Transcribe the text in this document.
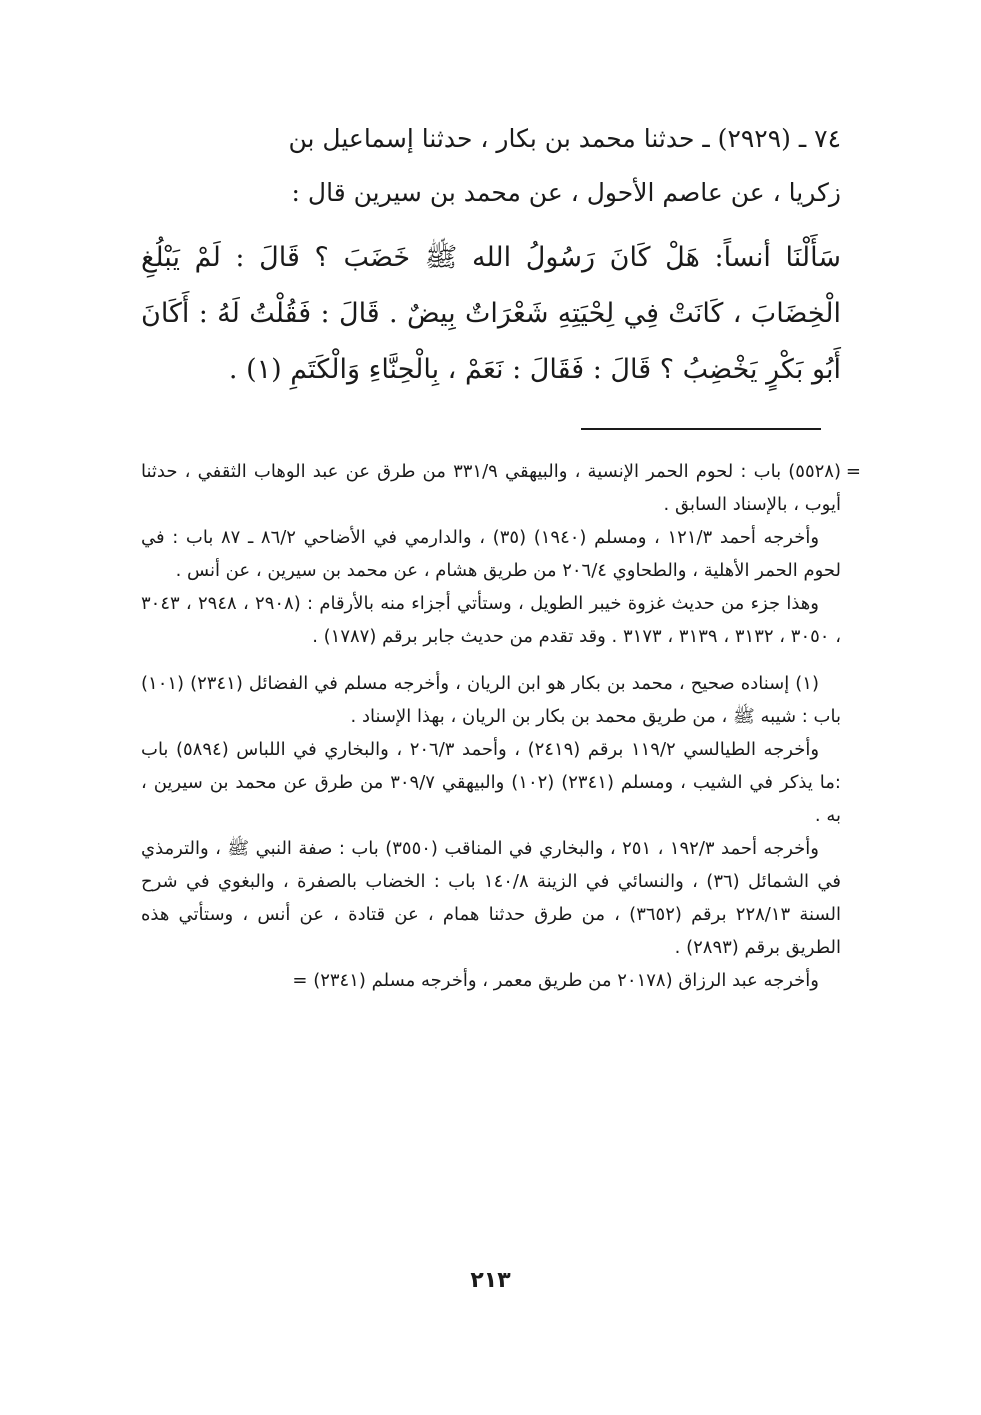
٧٤ ـ (٢٩٢٩) ـ حدثنا محمد بن بكار ، حدثنا إسماعيل بن

زكريا ، عن عاصم الأحول ، عن محمد بن سيرين قال :

سَأَلْنَا أنساً: هَلْ كَانَ رَسُولُ الله ﷺ خَضَبَ ؟ قَالَ : لَمْ يَبْلُغِ الْخِضَابَ ، كَانَتْ فِي لِحْيَتِهِ شَعْرَاتٌ بِيضٌ . قَالَ : فَقُلْتُ لَهُ : أَكَانَ أَبُو بَكْرٍ يَخْضِبُ ؟ قَالَ : فَقَالَ : نَعَمْ ، بِالْحِنَّاءِ وَالْكَتَمِ (١) .

=

(٥٥٢٨) باب : لحوم الحمر الإنسية ، والبيهقي ٣٣١/٩ من طرق عن عبد الوهاب الثقفي ، حدثنا أيوب ، بالإسناد السابق .

وأخرجه أحمد ١٢١/٣ ، ومسلم (١٩٤٠) (٣٥) ، والدارمي في الأضاحي ٨٦/٢ ـ ٨٧ باب : في لحوم الحمر الأهلية ، والطحاوي ٢٠٦/٤ من طريق هشام ، عن محمد بن سيرين ، عن أنس .

وهذا جزء من حديث غزوة خيبر الطويل ، وستأتي أجزاء منه بالأرقام : (٢٩٠٨ ، ٢٩٤٨ ، ٣٠٤٣ ، ٣٠٥٠ ، ٣١٣٢ ، ٣١٣٩ ، ٣١٧٣ . وقد تقدم من حديث جابر برقم (١٧٨٧) .

(١) إسناده صحيح ، محمد بن بكار هو ابن الريان ، وأخرجه مسلم في الفضائل (٢٣٤١) (١٠١) باب : شيبه ﷺ ، من طريق محمد بن بكار بن الريان ، بهذا الإسناد .

وأخرجه الطيالسي ١١٩/٢ برقم (٢٤١٩) ، وأحمد ٢٠٦/٣ ، والبخاري في اللباس (٥٨٩٤) باب :ما يذكر في الشيب ، ومسلم (٢٣٤١) (١٠٢) والبيهقي ٣٠٩/٧ من طرق عن محمد بن سيرين ، به .

وأخرجه أحمد ١٩٢/٣ ، ٢٥١ ، والبخاري في المناقب (٣٥٥٠) باب : صفة النبي ﷺ ، والترمذي في الشمائل (٣٦) ، والنسائي في الزينة ١٤٠/٨ باب : الخضاب بالصفرة ، والبغوي في شرح السنة ٢٢٨/١٣ برقم (٣٦٥٢) ، من طرق حدثنا همام ، عن قتادة ، عن أنس ، وستأتي هذه الطريق برقم (٢٨٩٣) .

وأخرجه عبد الرزاق (٢٠١٧٨ من طريق معمر ، وأخرجه مسلم (٢٣٤١) =

٢١٣
